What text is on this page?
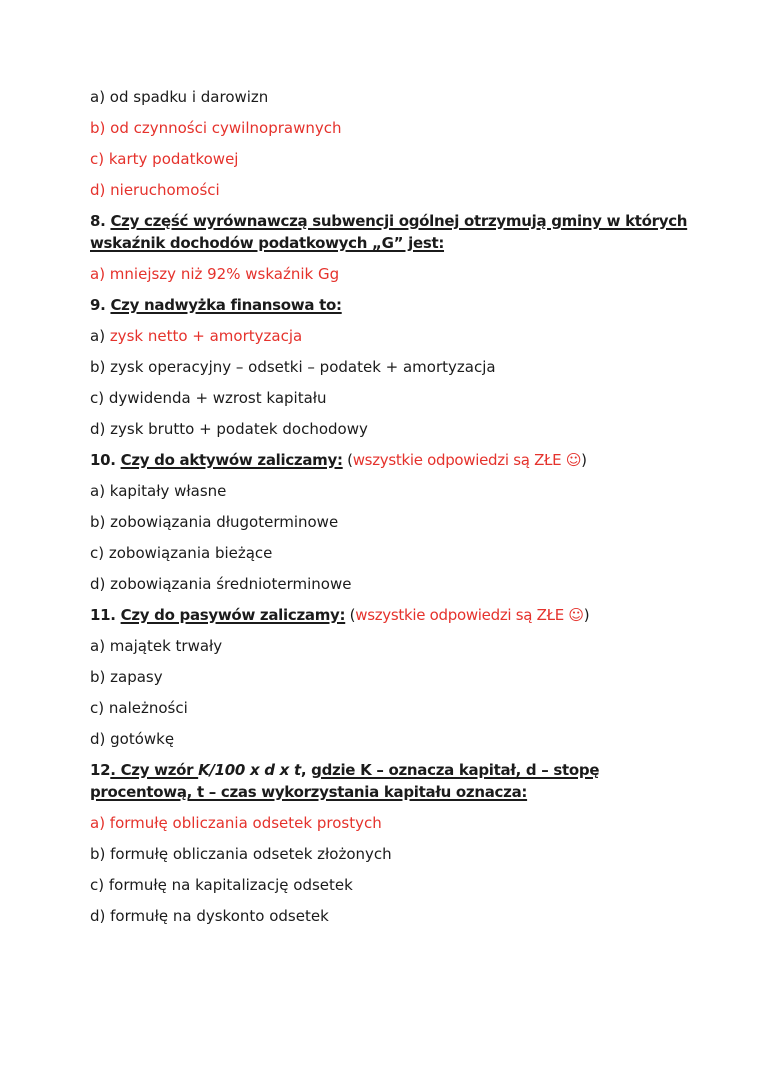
a) od spadku i darowizn

b) od czynności cywilnoprawnych

c) karty podatkowej

d) nieruchomości

8. Czy część wyrównawczą subwencji ogólnej otrzymują gminy w których
wskaźnik dochodów podatkowych „G” jest:

a) mniejszy niż 92% wskaźnik Gg

9. Czy nadwyżka finansowa to:

a) zysk netto + amortyzacja

b) zysk operacyjny – odsetki – podatek + amortyzacja

c) dywidenda + wzrost kapitału

d) zysk brutto + podatek dochodowy

10. Czy do aktywów zaliczamy: (wszystkie odpowiedzi są ZŁE ☺)

a) kapitały własne

b) zobowiązania długoterminowe

c) zobowiązania bieżące

d) zobowiązania średnioterminowe

11. Czy do pasywów zaliczamy: (wszystkie odpowiedzi są ZŁE ☺)

a) majątek trwały

b) zapasy

c) należności

d) gotówkę

12. Czy wzór K/100 x d x t, gdzie K – oznacza kapitał, d – stopę
procentową, t – czas wykorzystania kapitału oznacza:

a) formułę obliczania odsetek prostych

b) formułę obliczania odsetek złożonych

c) formułę na kapitalizację odsetek

d) formułę na dyskonto odsetek
